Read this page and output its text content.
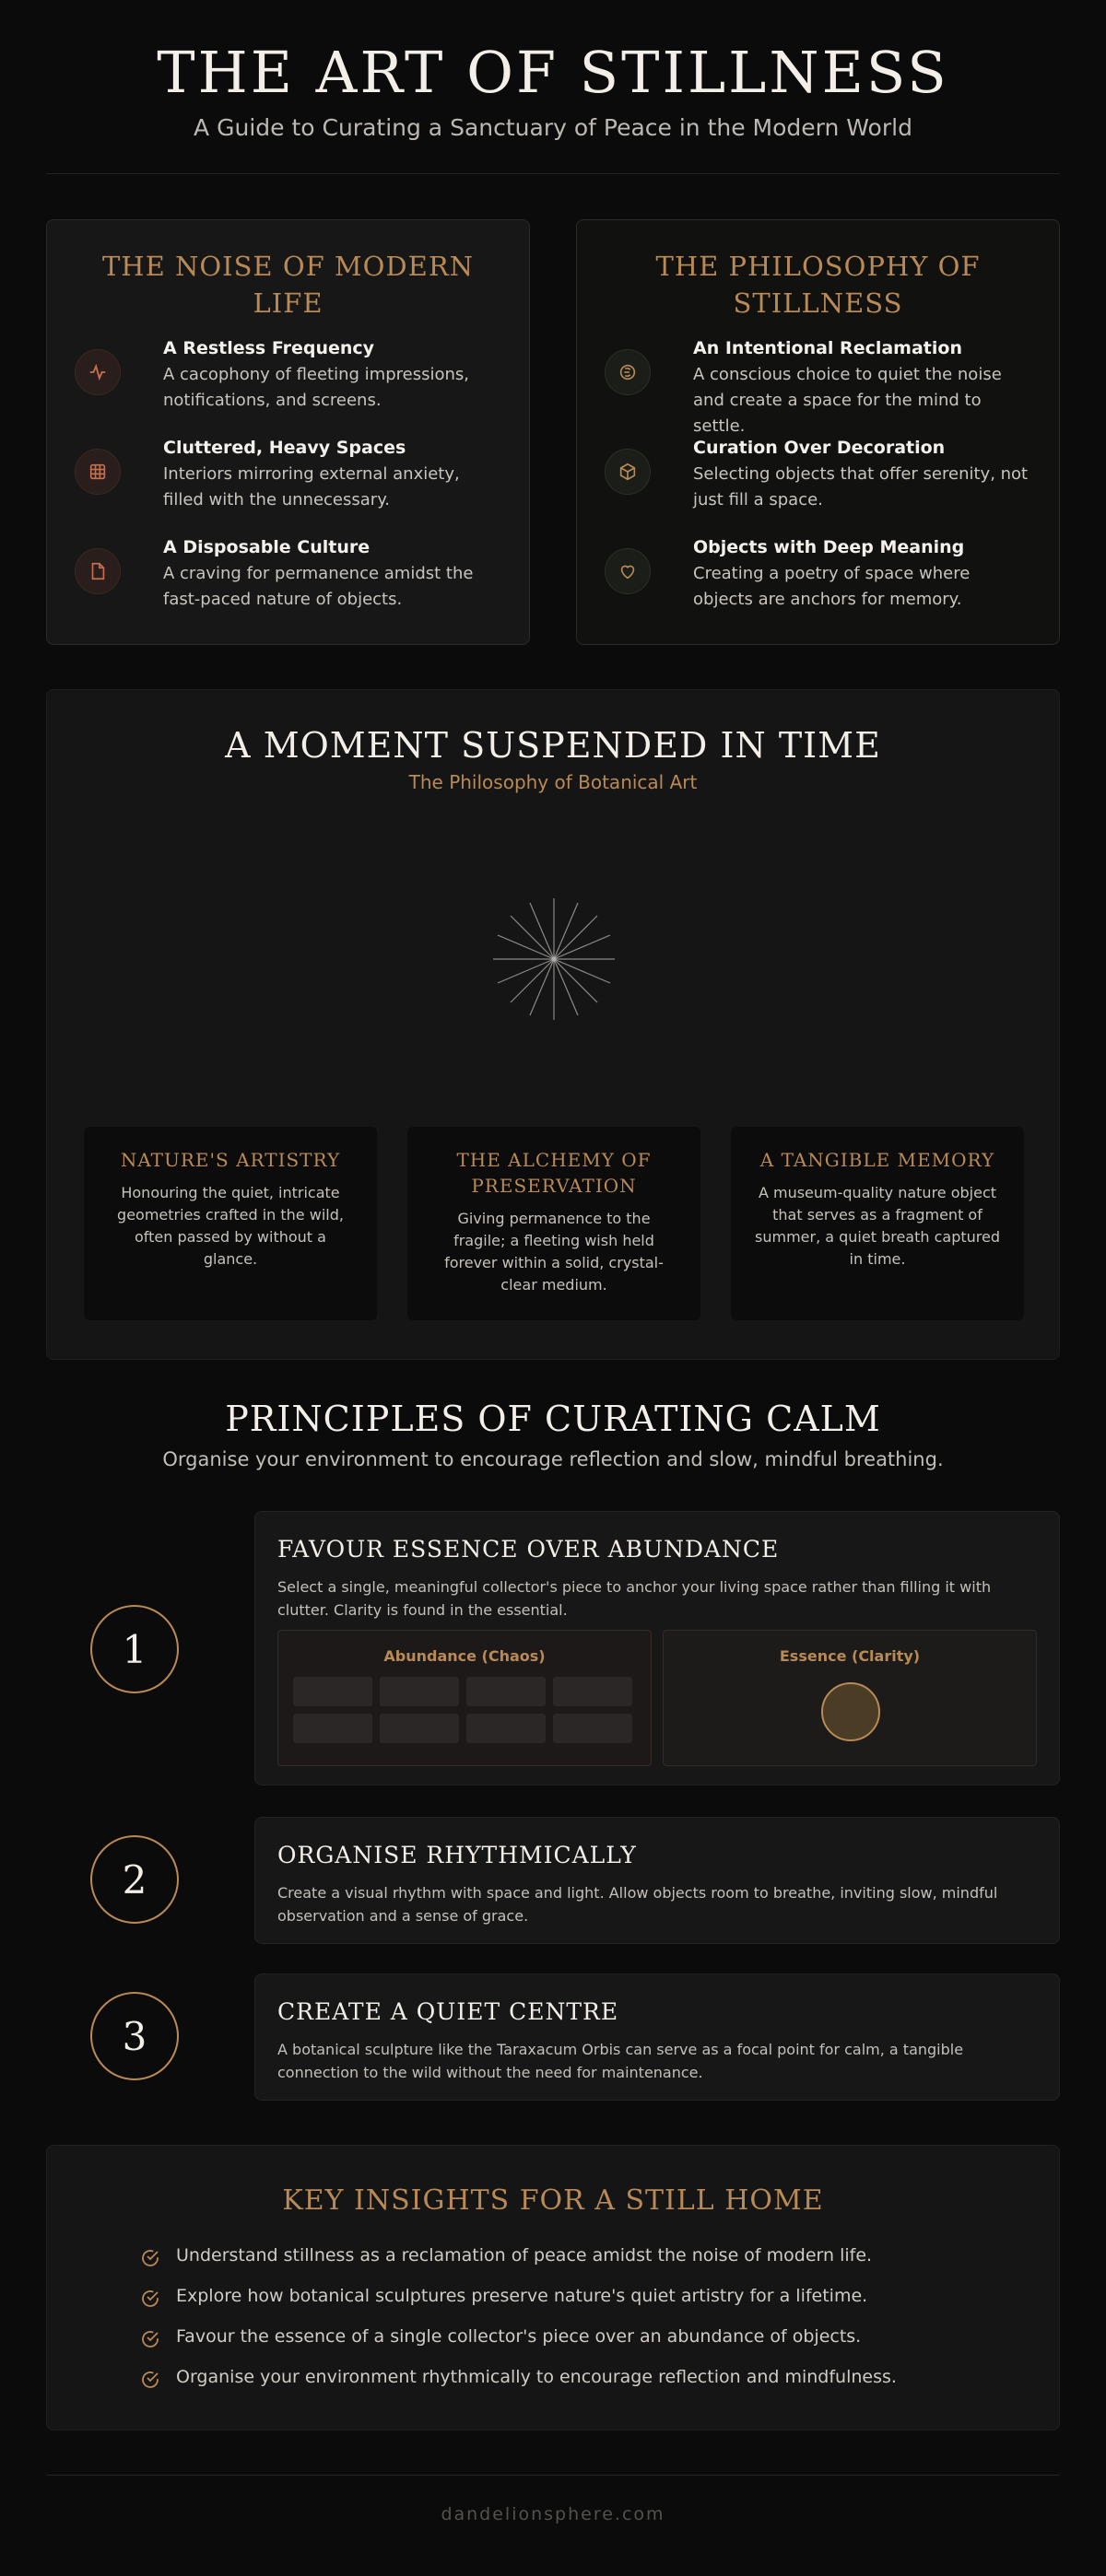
THE ART OF STILLNESS
A Guide to Curating a Sanctuary of Peace in the Modern World
THE NOISE OF MODERN LIFE
A Restless Frequency
A cacophony of fleeting impressions, notifications, and screens.
Cluttered, Heavy Spaces
Interiors mirroring external anxiety, filled with the unnecessary.
A Disposable Culture
A craving for permanence amidst the fast-paced nature of objects.
THE PHILOSOPHY OF STILLNESS
An Intentional Reclamation
A conscious choice to quiet the noise and create a space for the mind to settle.
Curation Over Decoration
Selecting objects that offer serenity, not just fill a space.
Objects with Deep Meaning
Creating a poetry of space where objects are anchors for memory.
A MOMENT SUSPENDED IN TIME
The Philosophy of Botanical Art
NATURE'S ARTISTRY

Honouring the quiet, intricate geometries crafted in the wild, often passed by without a glance.

THE ALCHEMY OF PRESERVATION

Giving permanence to the fragile; a fleeting wish held forever within a solid, crystal-clear medium.

A TANGIBLE MEMORY

A museum-quality nature object that serves as a fragment of summer, a quiet breath captured in time.

PRINCIPLES OF CURATING CALM
Organise your environment to encourage reflection and slow, mindful breathing.
1
FAVOUR ESSENCE OVER ABUNDANCE

Select a single, meaningful collector's piece to anchor your living space rather than filling it with clutter. Clarity is found in the essential.

Abundance (Chaos)	Essence (Clarity)
2
ORGANISE RHYTHMICALLY

Create a visual rhythm with space and light. Allow objects room to breathe, inviting slow, mindful observation and a sense of grace.

3
CREATE A QUIET CENTRE

A botanical sculpture like the Taraxacum Orbis can serve as a focal point for calm, a tangible connection to the wild without the need for maintenance.

KEY INSIGHTS FOR A STILL HOME
Understand stillness as a reclamation of peace amidst the noise of modern life.
Explore how botanical sculptures preserve nature's quiet artistry for a lifetime.
Favour the essence of a single collector's piece over an abundance of objects.
Organise your environment rhythmically to encourage reflection and mindfulness.
dandelionsphere.com
